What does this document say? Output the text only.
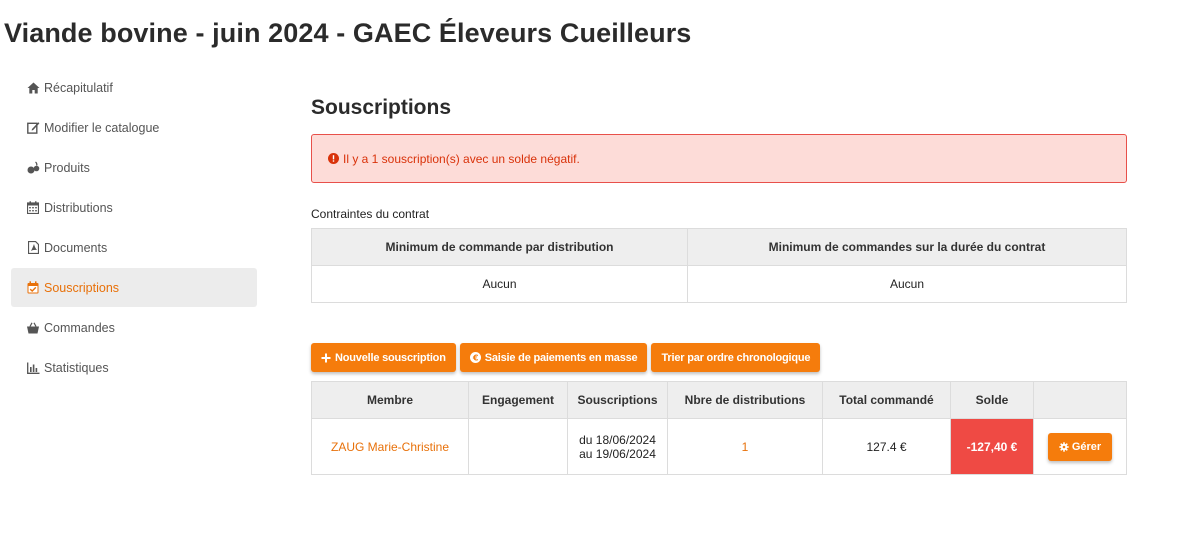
Viande bovine - juin 2024 - GAEC Éleveurs Cueilleurs
Récapitulatif
Modifier le catalogue
Produits
Distributions
Documents
Souscriptions
Commandes
Statistiques
Souscriptions
Il y a 1 souscription(s) avec un solde négatif.
Contraintes du contrat
Minimum de commande par distribution	Minimum de commandes sur la durée du contrat
Aucun	Aucun
Nouvelle souscription	€ Saisie de paiements en masse Trier par ordre chronologique
Membre	Engagement	Souscriptions	Nbre de distributions	Total commandé	Solde	
ZAUG Marie-Christine		du 18/06/2024
au 19/06/2024	1	127.4 €	-127,40 €	Gérer
